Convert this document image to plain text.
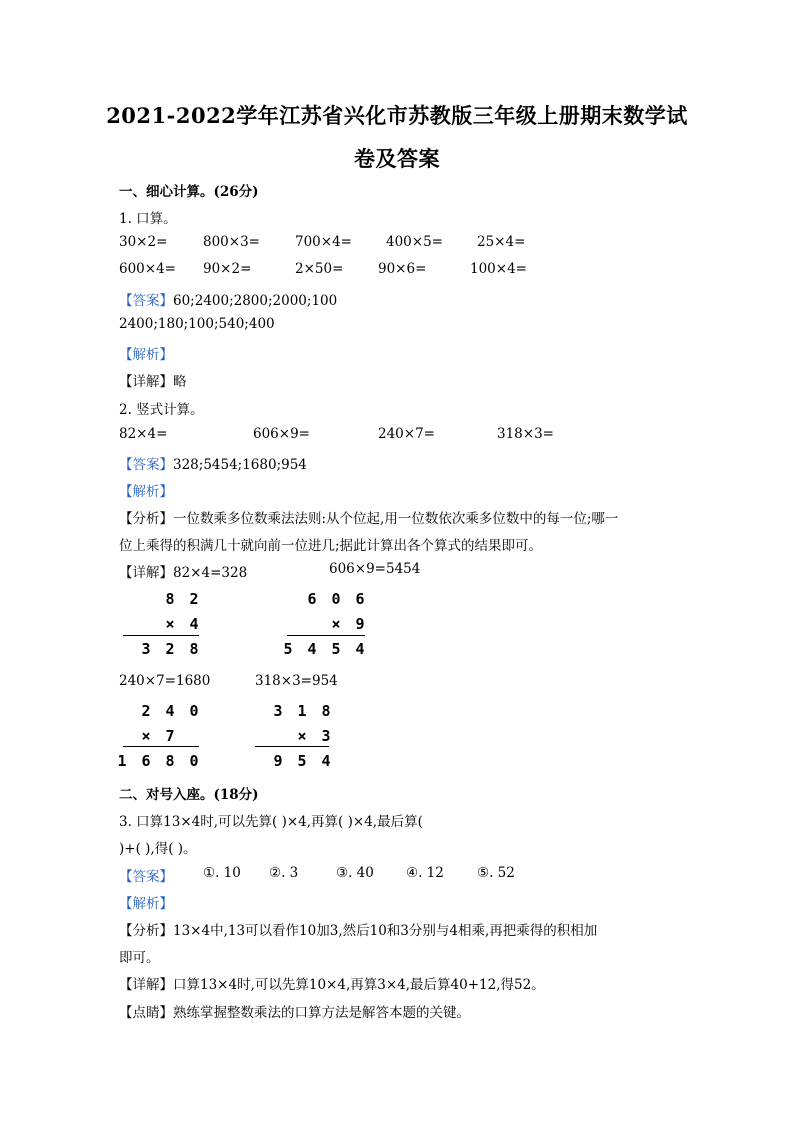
2021-2022学年江苏省兴化市苏教版三年级上册期末数学试
卷及答案
一、细心计算。(26分)
1. 口算。
30×2=	800×3=	700×4=	400×5=	25×4=
600×4= 90×2=	2×50=	90×6=	100×4=
【答案】60;2400;2800;2000;100
2400;180;100;540;400
【解析】
【详解】略
2. 竖式计算。
82×4=	606×9=	240×7=	318×3=
【答案】328;5454;1680;954
【解析】
【分析】一位数乘多位数乘法法则:从个位起,用一位数依次乘多位数中的每一位;哪一
位上乘得的积满几十就向前一位进几;据此计算出各个算式的结果即可。
【详解】82×4=328	606×9=5454
8 2
× 4
3 2 8
6 0 6
× 9
5 4 5 4
240×7=1680	318×3=954
2 4 0
× 7
1 6 8 0
3 1 8
× 3
9 5 4
二、对号入座。(18分)
3. 口算13×4时,可以先算( )×4,再算( )×4,最后算(
)+( ),得( )。
【答案】 ①. 10 ②. 3	③. 40 ④. 12 ⑤. 52
【解析】
【分析】13×4中,13可以看作10加3,然后10和3分别与4相乘,再把乘得的积相加
即可。
【详解】口算13×4时,可以先算10×4,再算3×4,最后算40+12,得52。
【点睛】熟练掌握整数乘法的口算方法是解答本题的关键。
